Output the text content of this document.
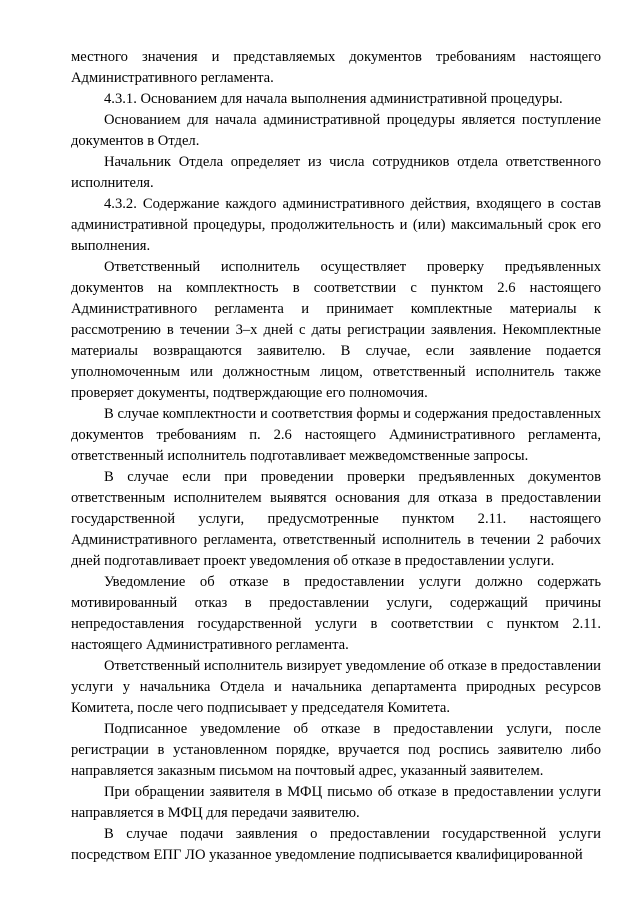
местного значения и представляемых документов требованиям настоящего Административного регламента.

4.3.1. Основанием для начала выполнения административной процедуры.

Основанием для начала административной процедуры является поступление документов в Отдел.

Начальник Отдела определяет из числа сотрудников отдела ответственного исполнителя.

4.3.2. Содержание каждого административного действия, входящего в состав административной процедуры, продолжительность и (или) максимальный срок его выполнения.

Ответственный исполнитель осуществляет проверку предъявленных документов на комплектность в соответствии с пунктом 2.6 настоящего Административного регламента и принимает комплектные материалы к рассмотрению в течении 3–х дней с даты регистрации заявления. Некомплектные материалы возвращаются заявителю. В случае, если заявление подается уполномоченным или должностным лицом, ответственный исполнитель также проверяет документы, подтверждающие его полномочия.

В случае комплектности и соответствия формы и содержания предоставленных документов требованиям п. 2.6 настоящего Административного регламента, ответственный исполнитель подготавливает межведомственные запросы.

В случае если при проведении проверки предъявленных документов ответственным исполнителем выявятся основания для отказа в предоставлении государственной услуги, предусмотренные пунктом 2.11. настоящего Административного регламента, ответственный исполнитель в течении 2 рабочих дней подготавливает проект уведомления об отказе в предоставлении услуги.

Уведомление об отказе в предоставлении услуги должно содержать мотивированный отказ в предоставлении услуги, содержащий причины непредоставления государственной услуги в соответствии с пунктом 2.11. настоящего Административного регламента.

Ответственный исполнитель визирует уведомление об отказе в предоставлении услуги у начальника Отдела и начальника департамента природных ресурсов Комитета, после чего подписывает у председателя Комитета.

Подписанное уведомление об отказе в предоставлении услуги, после регистрации в установленном порядке, вручается под роспись заявителю либо направляется заказным письмом на почтовый адрес, указанный заявителем.

При обращении заявителя в МФЦ письмо об отказе в предоставлении услуги направляется в МФЦ для передачи заявителю.

В случае подачи заявления о предоставлении государственной услуги посредством ЕПГ ЛО указанное уведомление подписывается квалифицированной
